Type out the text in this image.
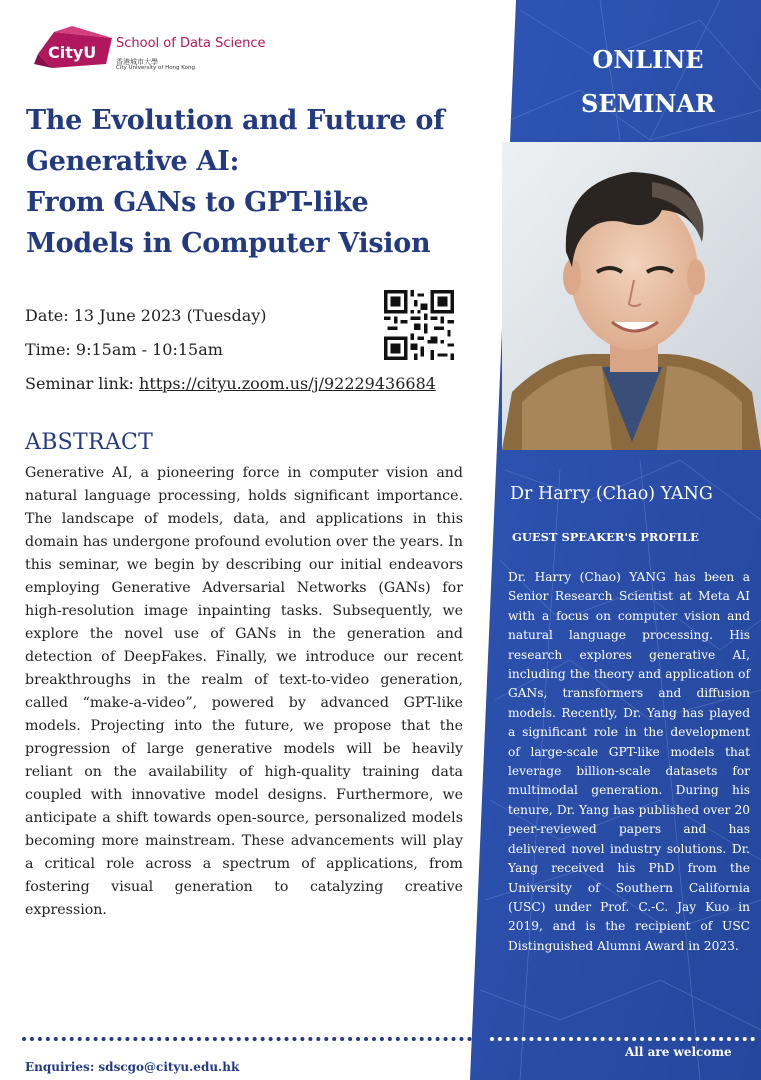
CityU School of Data Science
香港城市大學
City University of Hong Kong
The Evolution and Future of
Generative AI:
From GANs to GPT-like
Models in Computer Vision
Date: 13 June 2023 (Tuesday)
Time: 9:15am - 10:15am
Seminar link: https://cityu.zoom.us/j/92229436684
ABSTRACT
Generative AI, a pioneering force in computer vision and natural language processing, holds significant importance. The landscape of models, data, and applications in this domain has undergone profound evolution over the years. In this seminar, we begin by describing our initial endeavors employing Generative Adversarial Networks (GANs) for high-resolution image inpainting tasks. Subsequently, we explore the novel use of GANs in the generation and detection of DeepFakes. Finally, we introduce our recent breakthroughs in the realm of text-to-video generation, called “make-a-video”, powered by advanced GPT-like models. Projecting into the future, we propose that the progression of large generative models will be heavily reliant on the availability of high-quality training data coupled with innovative model designs. Furthermore, we anticipate a shift towards open-source, personalized models becoming more mainstream. These advancements will play a critical role across a spectrum of applications, from fostering visual generation to catalyzing creative expression.
ONLINE
SEMINAR
Dr Harry (Chao) YANG
GUEST SPEAKER'S PROFILE
Dr. Harry (Chao) YANG has been a Senior Research Scientist at Meta AI with a focus on computer vision and natural language processing. His research explores generative AI, including the theory and application of GANs, transformers and diffusion models. Recently, Dr. Yang has played a significant role in the development of large-scale GPT-like models that leverage billion-scale datasets for multimodal generation. During his tenure, Dr. Yang has published over 20 peer-reviewed papers and has delivered novel industry solutions. Dr. Yang received his PhD from the University of Southern California (USC) under Prof. C.-C. Jay Kuo in 2019, and is the recipient of USC Distinguished Alumni Award in 2023.
Enquiries: sdscgo@cityu.edu.hk
All are welcome
